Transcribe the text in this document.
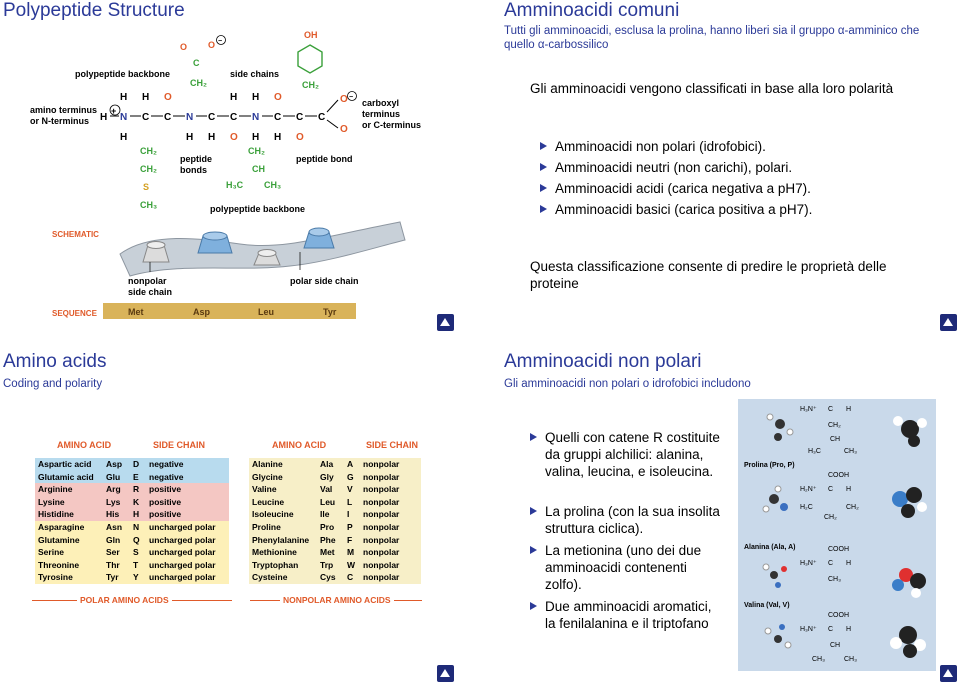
Polypeptide Structure
polypeptide backbone	side chains
amino terminus
or N-terminus
carboxyl
terminus
or C-terminus
OH
CH₂
O O −
C
CH₂
H H O	H H O	O
+
H N C C N C C N C C C
H	H H O H H O
O
−
CH₂
CH₂
S
CH₃
CH₂
CH
H₃C CH₃
peptide
bonds
peptide bond
polypeptide backbone
SCHEMATIC
nonpolar
side chain
polar side chain
SEQUENCE	Met	Asp	Leu	Tyr
Amminoacidi comuni
Tutti gli amminoacidi, esclusa la prolina, hanno liberi sia il gruppo α-amminico che quello α-carbossilico
Gli amminoacidi vengono classificati in base alla loro polarità
Amminoacidi non polari (idrofobici).
Amminoacidi neutri (non carichi), polari.
Amminoacidi acidi (carica negativa a pH7).
Amminoacidi basici (carica positiva a pH7).
Questa classificazione consente di predire le proprietà delle proteine
Amino acids
Coding and polarity
AMINO ACID	SIDE CHAIN	AMINO ACID	SIDE CHAIN
Aspartic acid	Asp	D	negative
Glutamic acid	Glu	E	negative
Arginine	Arg	R	positive
Lysine	Lys	K	positive
Histidine	His	H	positive
Asparagine	Asn	N	uncharged polar
Glutamine	Gln	Q	uncharged polar
Serine	Ser	S	uncharged polar
Threonine	Thr	T	uncharged polar
Tyrosine	Tyr	Y	uncharged polar
Alanine	Ala	A	nonpolar
Glycine	Gly	G	nonpolar
Valine	Val	V	nonpolar
Leucine	Leu	L	nonpolar
Isoleucine	Ile	I	nonpolar
Proline	Pro	P	nonpolar
Phenylalanine	Phe	F	nonpolar
Methionine	Met	M	nonpolar
Tryptophan	Trp	W	nonpolar
Cysteine	Cys	C	nonpolar
POLAR AMINO ACIDS	NONPOLAR AMINO ACIDS
Amminoacidi non polari
Gli amminoacidi non polari o idrofobici includono
Quelli con catene R costituite da gruppi alchilici: alanina, valina, leucina, e isoleucina.
La prolina (con la sua insolita struttura ciclica).
La metionina (uno dei due amminoacidi contenenti zolfo).
Due amminoacidi aromatici, la fenilalanina e il triptofano
H₃N⁺ C H
CH₂
CH
H₃C	CH₃
Prolina (Pro, P)
COOH
H₂N⁺ C H
H₂C	CH₂
CH₂
Alanina (Ala, A)	COOH
H₃N⁺ C H
CH₃
Valina (Val, V)
COOH
H₃N⁺ C H
CH
CH₃	CH₃
